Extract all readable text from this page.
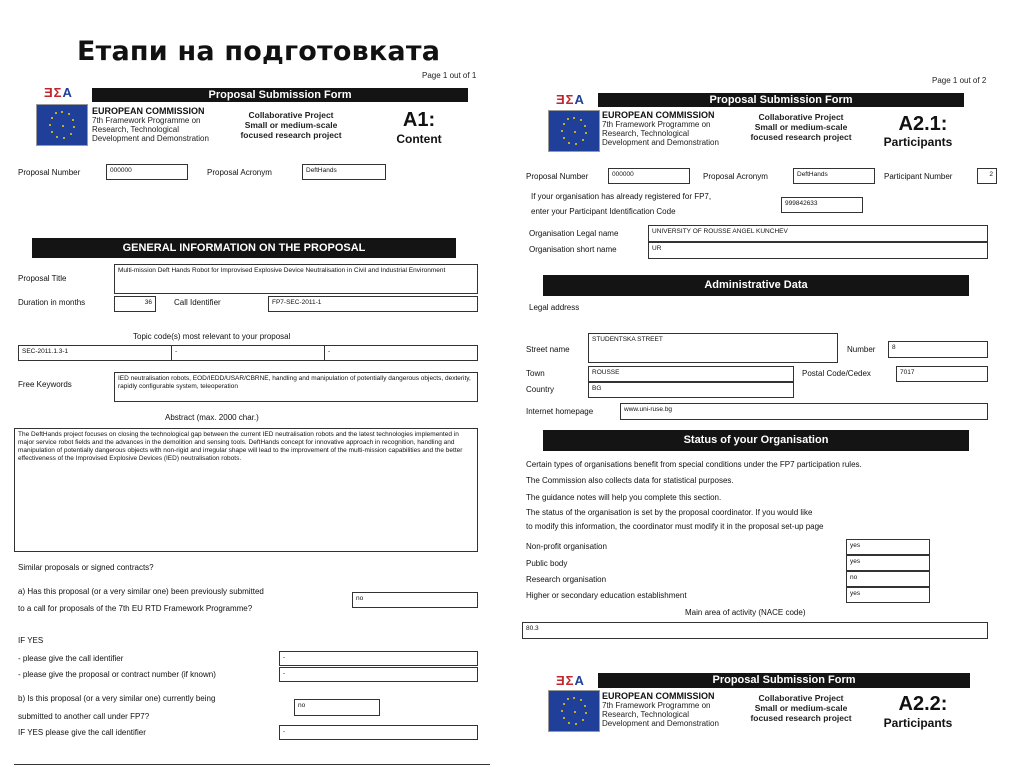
Етапи на подготовката
Page 1 out of 1
ƎΣA	Proposal Submission Form
EUROPEAN COMMISSION
7th Framework Programme on
Research, Technological
Development and Demonstration
Collaborative Project
Small or medium-scale
focused research project
A1:
Content
Proposal Number	000000	Proposal Acronym	DeftHands
GENERAL INFORMATION ON THE PROPOSAL
Proposal Title
Multi-mission Deft Hands Robot for Improvised Explosive Device Neutralisation in Civil and Industrial Environment
Duration in months	36	Call Identifier	FP7-SEC-2011-1
Topic code(s) most relevant to your proposal
SEC-2011.1.3-1	-	-
Free Keywords
IED neutralisation robots, EOD/IEDD/USAR/CBRNE, handling and manipulation of potentially dangerous objects, dexterity, rapidly configurable system, teleoperation
Abstract (max. 2000 char.)
The DeftHands project focuses on closing the technological gap between the current IED neutralisation robots and the latest technologies implemented in major service robot fields and the advances in the demolition and sensing tools. DeftHands concept for innovative approach in recognition, handling and manipulation of potentially dangerous objects with non-rigid and irregular shape will lead to the improvement of the multi-mission capabilities and the better effectiveness of the Improvised Explosive Devices (IED) neutralisation robots.
Similar proposals or signed contracts?
a) Has this proposal (or a very similar one) been previously submitted
to a call for proposals of the 7th EU RTD Framework Programme?
no
IF YES
- please give the call identifier	-
- please give the proposal or contract number (if known)	-
b) Is this proposal (or a very similar one) currently being
submitted to another call under FP7?
no
IF YES please give the call identifier	-
Page 1 out of 2
ƎΣA	Proposal Submission Form
EUROPEAN COMMISSION
7th Framework Programme on
Research, Technological
Development and Demonstration
Collaborative Project
Small or medium-scale
focused research project
A2.1:
Participants
Proposal Number	000000	Proposal Acronym	DeftHands	Participant Number	2
If your organisation has already registered for FP7,
enter your Participant Identification Code
999842633
Organisation Legal name	UNIVERSITY OF ROUSSE ANGEL KUNCHEV
Organisation short name	UR
Administrative Data
Legal address
Street name
STUDENTSKA STREET
Number	8
Town	ROUSSE	Postal Code/Cedex	7017
Country	BG
Internet homepage	www.uni-ruse.bg
Status of your Organisation
Certain types of organisations benefit from special conditions under the FP7 participation rules.
The Commission also collects data for statistical purposes.
The guidance notes will help you complete this section.
The status of the organisation is set by the proposal coordinator. If you would like
to modify this information, the coordinator must modify it in the proposal set-up page
Non-profit organisation	yes
Public body	yes
Research organisation	no
Higher or secondary education establishment	yes
Main area of activity (NACE code)
80.3
ƎΣA	Proposal Submission Form
EUROPEAN COMMISSION
7th Framework Programme on
Research, Technological
Development and Demonstration
Collaborative Project
Small or medium-scale
focused research project
A2.2:
Participants
